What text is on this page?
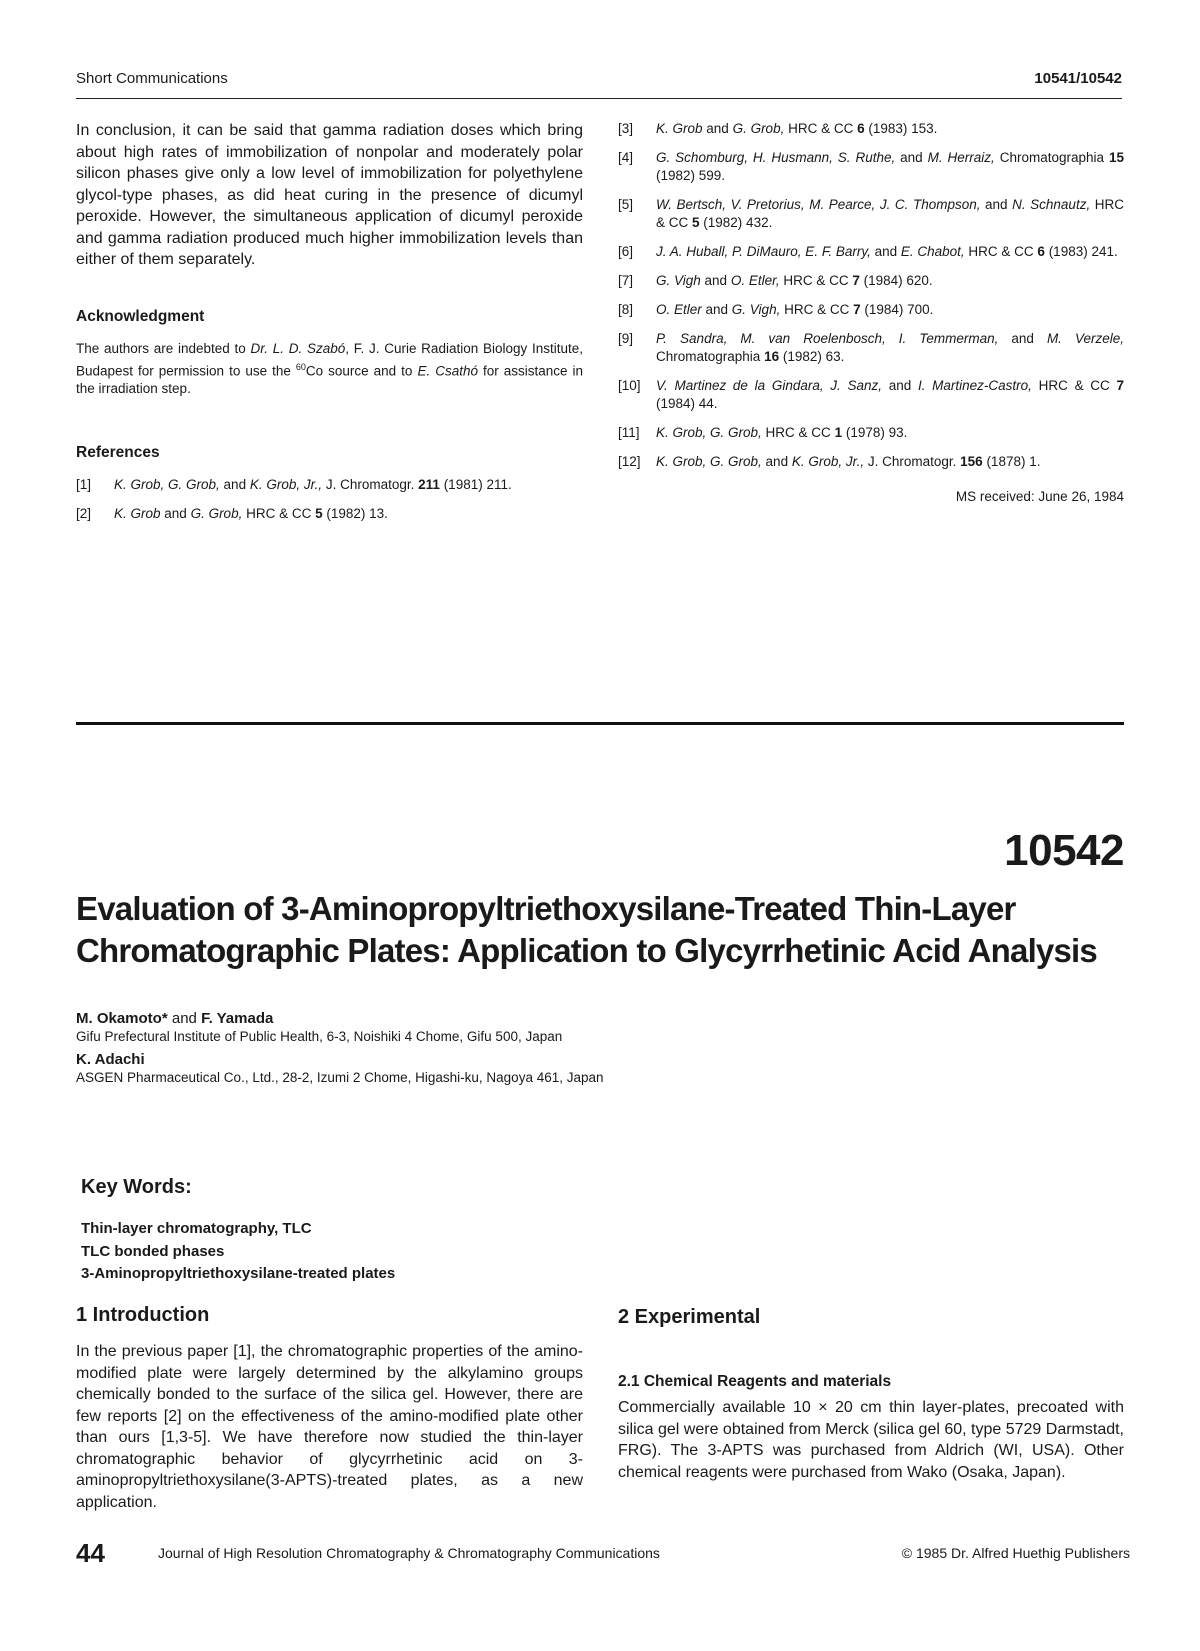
Short Communications	10541/10542

In conclusion, it can be said that gamma radiation doses which bring about high rates of immobilization of nonpolar and moderately polar silicon phases give only a low level of immobilization for polyethylene glycol-type phases, as did heat curing in the presence of dicumyl peroxide. However, the simultaneous application of dicumyl peroxide and gamma radiation produced much higher immobilization levels than either of them separately.

Acknowledgment

The authors are indebted to Dr. L. D. Szabó, F. J. Curie Radiation Biology Institute, Budapest for permission to use the $^{60}$Co source and to E. Csathó for assistance in the irradiation step.

References

[1]	K. Grob, G. Grob, and K. Grob, Jr., J. Chromatogr. 211 (1981) 211.
[2]	K. Grob and G. Grob, HRC & CC 5 (1982) 13.
[3]	K. Grob and G. Grob, HRC & CC 6 (1983) 153.
[4]	G. Schomburg, H. Husmann, S. Ruthe, and M. Herraiz, Chromatographia 15 (1982) 599.
[5]	W. Bertsch, V. Pretorius, M. Pearce, J. C. Thompson, and N. Schnautz, HRC & CC 5 (1982) 432.
[6]	J. A. Huball, P. DiMauro, E. F. Barry, and E. Chabot, HRC & CC 6 (1983) 241.
[7]	G. Vigh and O. Etler, HRC & CC 7 (1984) 620.
[8]	O. Etler and G. Vigh, HRC & CC 7 (1984) 700.
[9]	P. Sandra, M. van Roelenbosch, I. Temmerman, and M. Verzele, Chromatographia 16 (1982) 63.
[10]	V. Martinez de la Gindara, J. Sanz, and I. Martinez-Castro, HRC & CC 7 (1984) 44.
[11]	K. Grob, G. Grob, HRC & CC 1 (1978) 93.
[12]	K. Grob, G. Grob, and K. Grob, Jr., J. Chromatogr. 156 (1878) 1.
MS received: June 26, 1984
10542
Evaluation of 3-Aminopropyltriethoxysilane-Treated Thin-Layer Chromatographic Plates: Application to Glycyrrhetinic Acid Analysis

M. Okamoto* and F. Yamada

Gifu Prefectural Institute of Public Health, 6-3, Noishiki 4 Chome, Gifu 500, Japan

K. Adachi

ASGEN Pharmaceutical Co., Ltd., 28-2, Izumi 2 Chome, Higashi-ku, Nagoya 461, Japan

Key Words:
Thin-layer chromatography, TLC
TLC bonded phases
3-Aminopropyltriethoxysilane-treated plates

1 Introduction

In the previous paper [1], the chromatographic properties of the amino-modified plate were largely determined by the alkylamino groups chemically bonded to the surface of the silica gel. However, there are few reports [2] on the effectiveness of the amino-modified plate other than ours [1,3-5]. We have therefore now studied the thin-layer chromatographic behavior of glycyrrhetinic acid on 3-aminopropyltriethoxysilane(3-APTS)-treated plates, as a new application.

2 Experimental

2.1 Chemical Reagents and materials

Commercially available 10 × 20 cm thin layer-plates, precoated with silica gel were obtained from Merck (silica gel 60, type 5729 Darmstadt, FRG). The 3-APTS was purchased from Aldrich (WI, USA). Other chemical reagents were purchased from Wako (Osaka, Japan).

44	Journal of High Resolution Chromatography & Chromatography Communications	© 1985 Dr. Alfred Huethig Publishers
